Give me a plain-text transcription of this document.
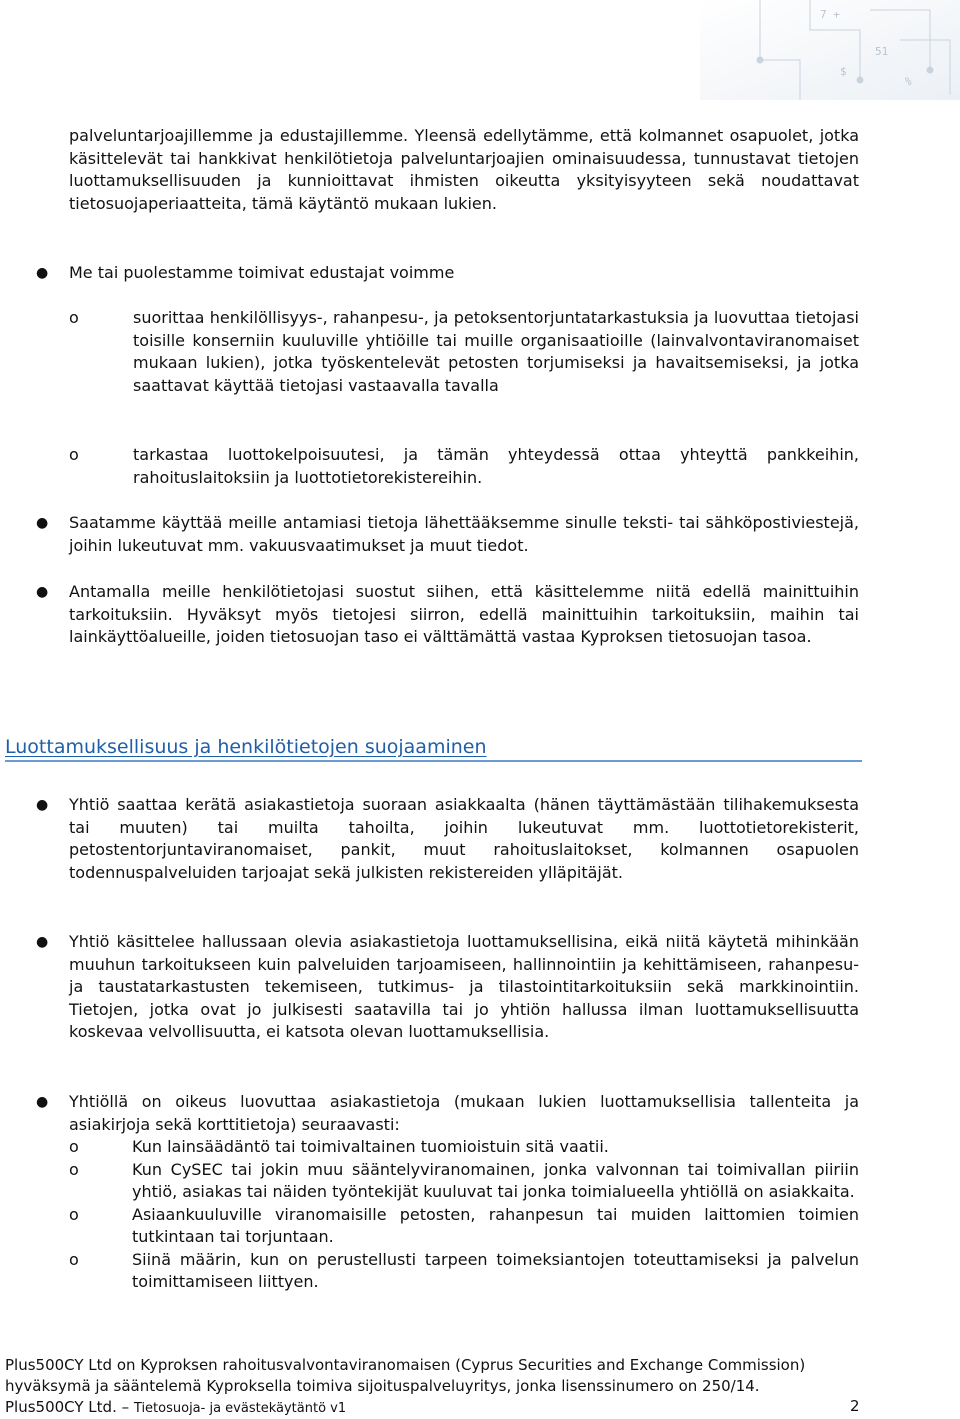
7 +
51
%
$
palveluntarjoajillemme ja edustajillemme. Yleensä edellytämme, että kolmannet osapuolet, jotka käsittelevät tai hankkivat henkilötietoja palveluntarjoajien ominaisuudessa, tunnustavat tietojen luottamuksellisuuden ja kunnioittavat ihmisten oikeutta yksityisyyteen sekä noudattavat tietosuojaperiaatteita, tämä käytäntö mukaan lukien.
● Me tai puolestamme toimivat edustajat voimme
o	suorittaa henkilöllisyys-, rahanpesu-, ja petoksentorjuntatarkastuksia ja luovuttaa tietojasi toisille konserniin kuuluville yhtiöille tai muille organisaatioille (lainvalvontaviranomaiset mukaan lukien), jotka työskentelevät petosten torjumiseksi ja havaitsemiseksi, ja jotka saattavat käyttää tietojasi vastaavalla tavalla
o	tarkastaa luottokelpoisuutesi, ja tämän yhteydessä ottaa yhteyttä pankkeihin, rahoituslaitoksiin ja luottotietorekistereihin.
● Saatamme käyttää meille antamiasi tietoja lähettääksemme sinulle teksti- tai sähköpostiviestejä, joihin lukeutuvat mm. vakuusvaatimukset ja muut tiedot.
● Antamalla meille henkilötietojasi suostut siihen, että käsittelemme niitä edellä mainittuihin tarkoituksiin. Hyväksyt myös tietojesi siirron, edellä mainittuihin tarkoituksiin, maihin tai lainkäyttöalueille, joiden tietosuojan taso ei välttämättä vastaa Kyproksen tietosuojan tasoa.
Luottamuksellisuus ja henkilötietojen suojaaminen
● Yhtiö saattaa kerätä asiakastietoja suoraan asiakkaalta (hänen täyttämästään tilihakemuksesta tai muuten) tai muilta tahoilta, joihin lukeutuvat mm. luottotietorekisterit, petostentorjuntaviranomaiset, pankit, muut rahoituslaitokset, kolmannen osapuolen todennuspalveluiden tarjoajat sekä julkisten rekistereiden ylläpitäjät.
● Yhtiö käsittelee hallussaan olevia asiakastietoja luottamuksellisina, eikä niitä käytetä mihinkään muuhun tarkoitukseen kuin palveluiden tarjoamiseen, hallinnointiin ja kehittämiseen, rahanpesu- ja taustatarkastusten tekemiseen, tutkimus- ja tilastointitarkoituksiin sekä markkinointiin. Tietojen, jotka ovat jo julkisesti saatavilla tai jo yhtiön hallussa ilman luottamuksellisuutta koskevaa velvollisuutta, ei katsota olevan luottamuksellisia.
● Yhtiöllä on oikeus luovuttaa asiakastietoja (mukaan lukien luottamuksellisia tallenteita ja asiakirjoja sekä korttitietoja) seuraavasti:
o Kun lainsäädäntö tai toimivaltainen tuomioistuin sitä vaatii.
o Kun CySEC tai jokin muu sääntelyviranomainen, jonka valvonnan tai toimivallan piiriin yhtiö, asiakas tai näiden työntekijät kuuluvat tai jonka toimialueella yhtiöllä on asiakkaita.
o Asiaankuuluville viranomaisille petosten, rahanpesun tai muiden laittomien toimien tutkintaan tai torjuntaan.
o Siinä määrin, kun on perustellusti tarpeen toimeksiantojen toteuttamiseksi ja palvelun toimittamiseen liittyen.
Plus500CY Ltd on Kyproksen rahoitusvalvontaviranomaisen (Cyprus Securities and Exchange Commission)
hyväksymä ja sääntelemä Kyproksella toimiva sijoituspalveluyritys, jonka lisenssinumero on 250/14.
Plus500CY Ltd. – Tietosuoja- ja evästekäytäntö v1	2
